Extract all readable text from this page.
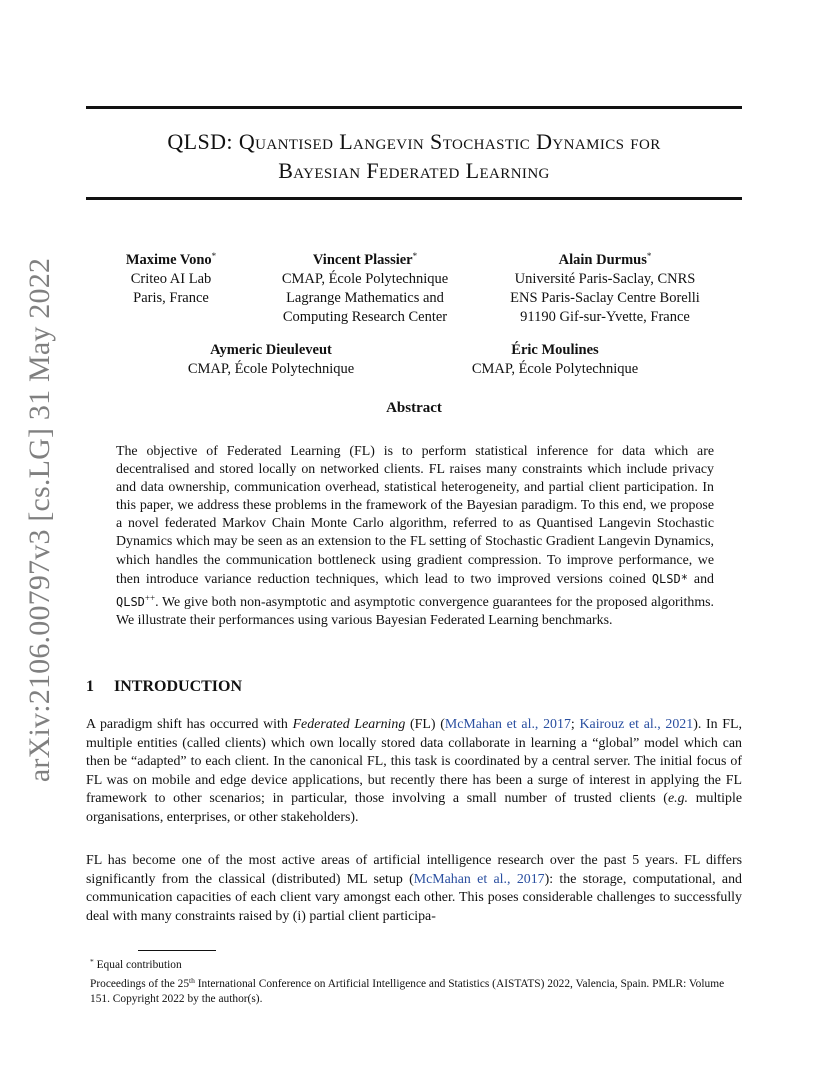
arXiv:2106.00797v3 [cs.LG] 31 May 2022
QLSD: Quantised Langevin Stochastic Dynamics for
Bayesian Federated Learning
Maxime Vono*
Criteo AI Lab
Paris, France
Vincent Plassier*
CMAP, École Polytechnique
Lagrange Mathematics and
Computing Research Center
Alain Durmus*
Université Paris-Saclay, CNRS
ENS Paris-Saclay Centre Borelli
91190 Gif-sur-Yvette, France
Aymeric Dieuleveut
CMAP, École Polytechnique
Éric Moulines
CMAP, École Polytechnique
Abstract
The objective of Federated Learning (FL) is to perform statistical inference for data which are decentralised and stored locally on networked clients. FL raises many constraints which include privacy and data ownership, communication overhead, statistical heterogeneity, and partial client participation. In this paper, we address these problems in the framework of the Bayesian paradigm. To this end, we propose a novel federated Markov Chain Monte Carlo algorithm, referred to as Quantised Langevin Stochastic Dynamics which may be seen as an extension to the FL setting of Stochastic Gradient Langevin Dynamics, which handles the communication bottleneck using gradient compression. To improve performance, we then introduce variance reduction techniques, which lead to two improved versions coined QLSD* and QLSD++. We give both non-asymptotic and asymptotic convergence guarantees for the proposed algorithms. We illustrate their performances using various Bayesian Federated Learning benchmarks.
1 INTRODUCTION
A paradigm shift has occurred with Federated Learning (FL) (McMahan et al., 2017; Kairouz et al., 2021). In FL, multiple entities (called clients) which own locally stored data collaborate in learning a “global” model which can then be “adapted” to each client. In the canonical FL, this task is coordinated by a central server. The initial focus of FL was on mobile and edge device applications, but recently there has been a surge of interest in applying the FL framework to other scenarios; in particular, those involving a small number of trusted clients (e.g. multiple organisations, enterprises, or other stakeholders).
FL has become one of the most active areas of artificial intelligence research over the past 5 years. FL differs significantly from the classical (distributed) ML setup (McMahan et al., 2017): the storage, computational, and communication capacities of each client vary amongst each other. This poses considerable challenges to successfully deal with many constraints raised by (i) partial client participa-
* Equal contribution
Proceedings of the 25th International Conference on Artificial Intelligence and Statistics (AISTATS) 2022, Valencia, Spain. PMLR: Volume 151. Copyright 2022 by the author(s).
